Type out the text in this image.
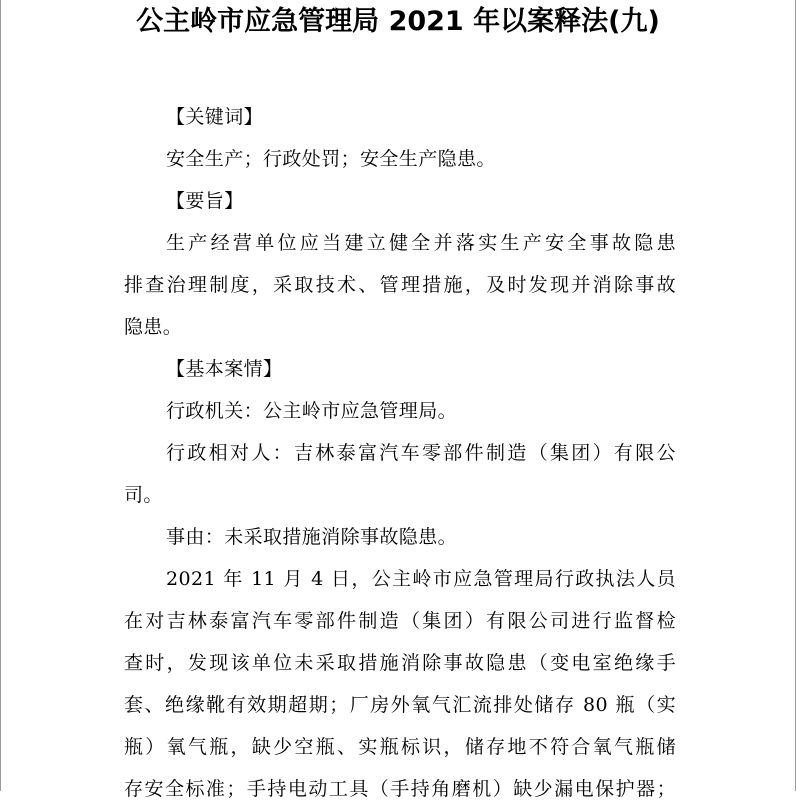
公主岭市应急管理局 2021 年以案释法(九)
【关键词】
安全生产；行政处罚；安全生产隐患。
【要旨】
生产经营单位应当建立健全并落实生产安全事故隐患
排查治理制度，采取技术、管理措施，及时发现并消除事故
隐患。
【基本案情】
行政机关：公主岭市应急管理局。
行政相对人：吉林泰富汽车零部件制造（集团）有限公
司。
事由：未采取措施消除事故隐患。
2021 年 11 月 4 日，公主岭市应急管理局行政执法人员
在对吉林泰富汽车零部件制造（集团）有限公司进行监督检
查时，发现该单位未采取措施消除事故隐患（变电室绝缘手
套、绝缘靴有效期超期；厂房外氧气汇流排处储存 80 瓶（实
瓶）氧气瓶，缺少空瓶、实瓶标识，储存地不符合氧气瓶储
存安全标准；手持电动工具（手持角磨机）缺少漏电保护器；
